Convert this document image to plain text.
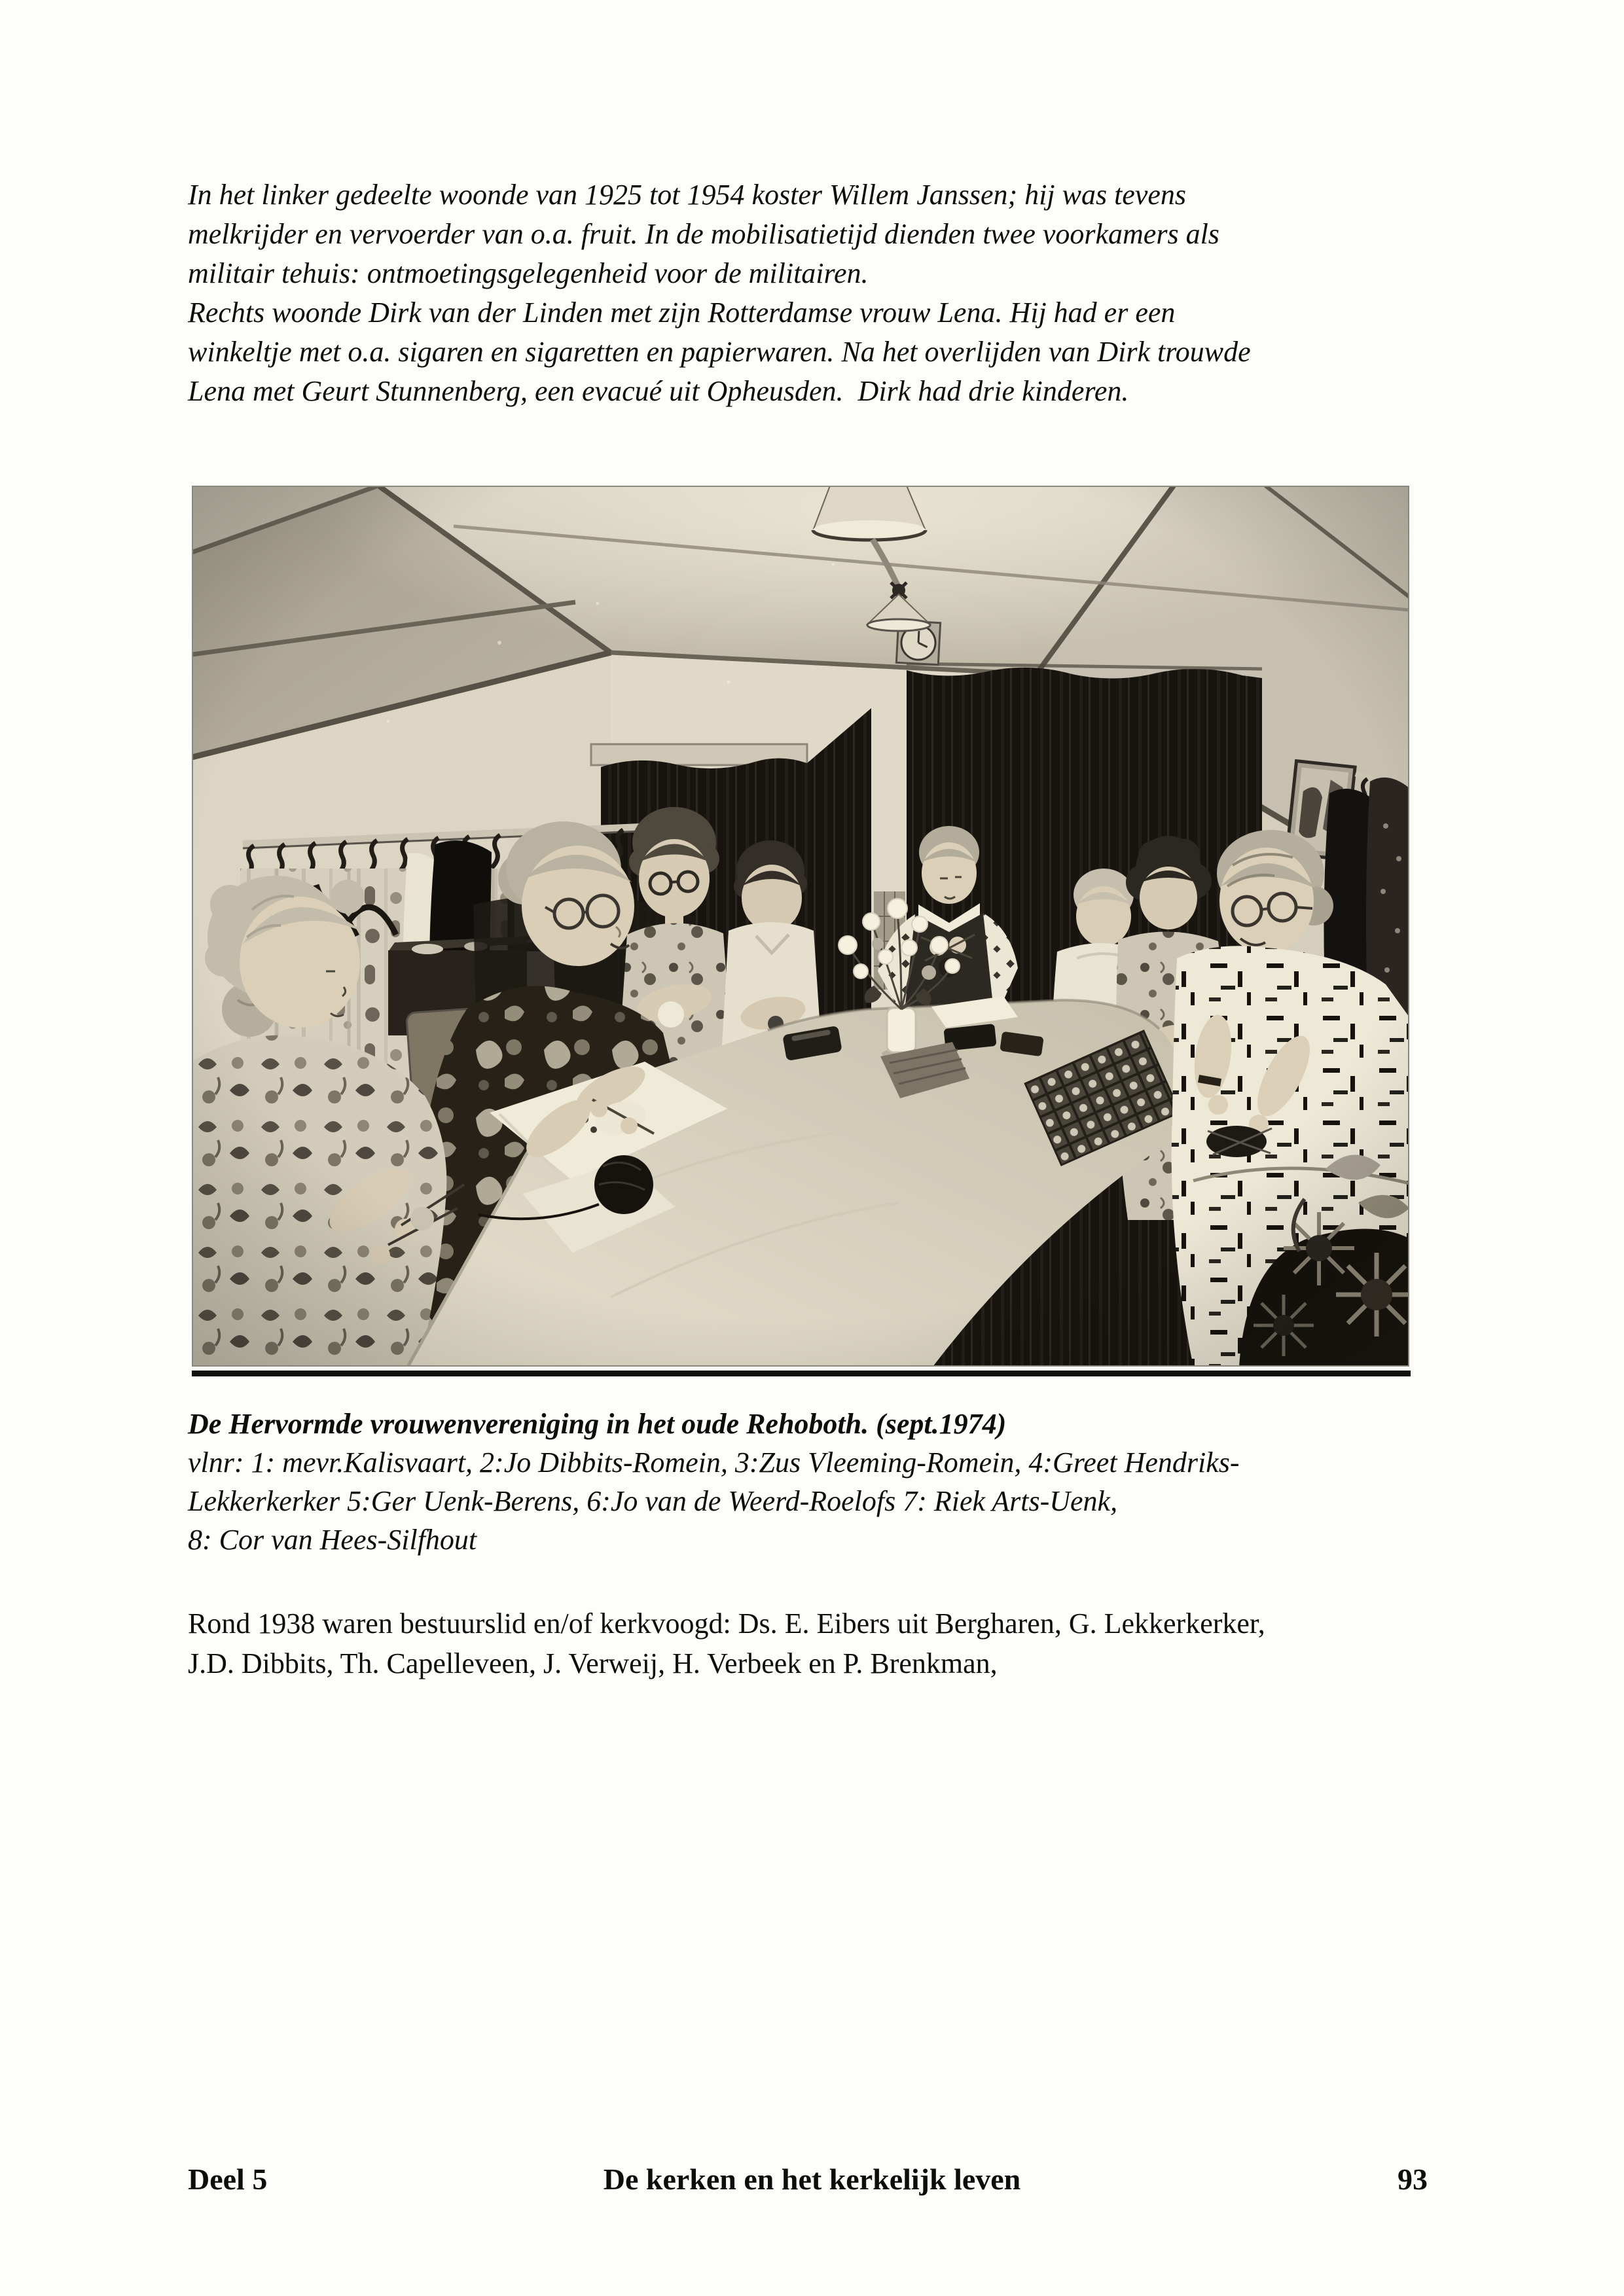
In het linker gedeelte woonde van 1925 tot 1954 koster Willem Janssen; hij was tevens
melkrijder en vervoerder van o.a. fruit. In de mobilisatietijd dienden twee voorkamers als
militair tehuis: ontmoetingsgelegenheid voor de militairen.
Rechts woonde Dirk van der Linden met zijn Rotterdamse vrouw Lena. Hij had er een
winkeltje met o.a. sigaren en sigaretten en papierwaren. Na het overlijden van Dirk trouwde
Lena met Geurt Stunnenberg, een evacué uit Opheusden.  Dirk had drie kinderen.
De Hervormde vrouwenvereniging in het oude Rehoboth. (sept.1974)
vlnr: 1: mevr.Kalisvaart, 2:Jo Dibbits-Romein, 3:Zus Vleeming-Romein, 4:Greet Hendriks-
Lekkerkerker 5:Ger Uenk-Berens, 6:Jo van de Weerd-Roelofs 7: Riek Arts-Uenk,
8: Cor van Hees-Silfhout
Rond 1938 waren bestuurslid en/of kerkvoogd: Ds. E. Eibers uit Bergharen, G. Lekkerkerker,
J.D. Dibbits, Th. Capelleveen, J. Verweij, H. Verbeek en P. Brenkman,
Deel 5	De kerken en het kerkelijk leven	93
